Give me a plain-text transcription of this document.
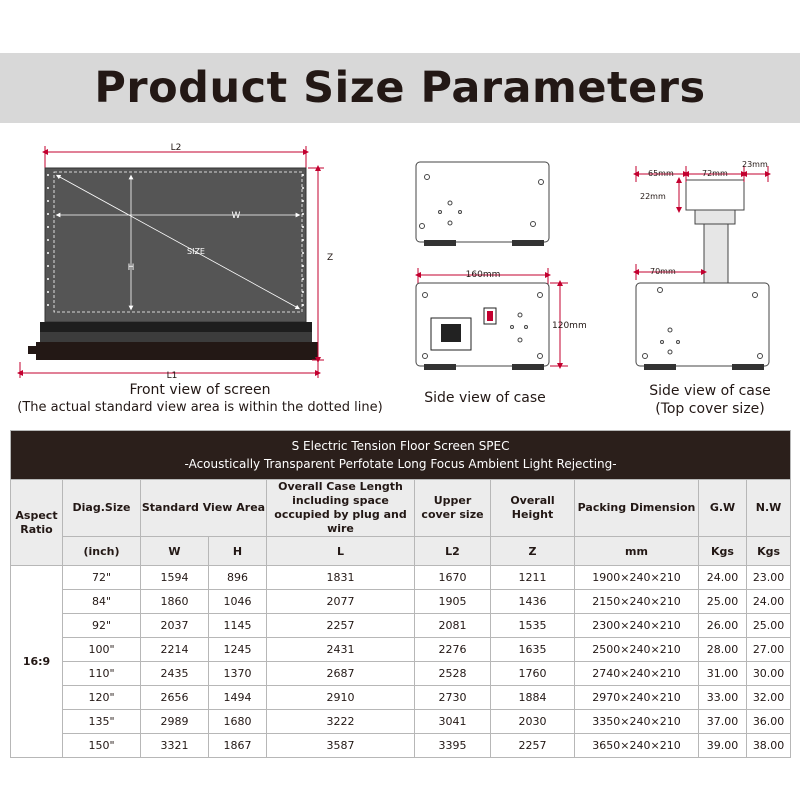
Product Size Parameters
L2
W
H
SIZE
Z
L1
160mm
120mm
65mm	72mm
23mm
22mm
70mm
Front view of screen
(The actual standard view area is within the dotted line)
Side view of case	Side view of case
(Top cover size)
S Electric Tension Floor Screen SPEC
-Acoustically Transparent Perfotate Long Focus Ambient Light Rejecting-									

Aspect Ratio	Diag.Size	Standard View Area		Overall Case Length including space occupied by plug and wire	Upper cover size	Overall Height	Packing Dimension	G.W	N.W
	(inch)	W	H	L	L2	Z	mm	Kgs	Kgs
16:9	72"	1594	896	1831	1670	1211	1900×240×210	24.00	23.00
	84"	1860	1046	2077	1905	1436	2150×240×210	25.00	24.00
	92"	2037	1145	2257	2081	1535	2300×240×210	26.00	25.00
	100"	2214	1245	2431	2276	1635	2500×240×210	28.00	27.00
	110"	2435	1370	2687	2528	1760	2740×240×210	31.00	30.00
	120"	2656	1494	2910	2730	1884	2970×240×210	33.00	32.00
	135"	2989	1680	3222	3041	2030	3350×240×210	37.00	36.00
	150"	3321	1867	3587	3395	2257	3650×240×210	39.00	38.00
